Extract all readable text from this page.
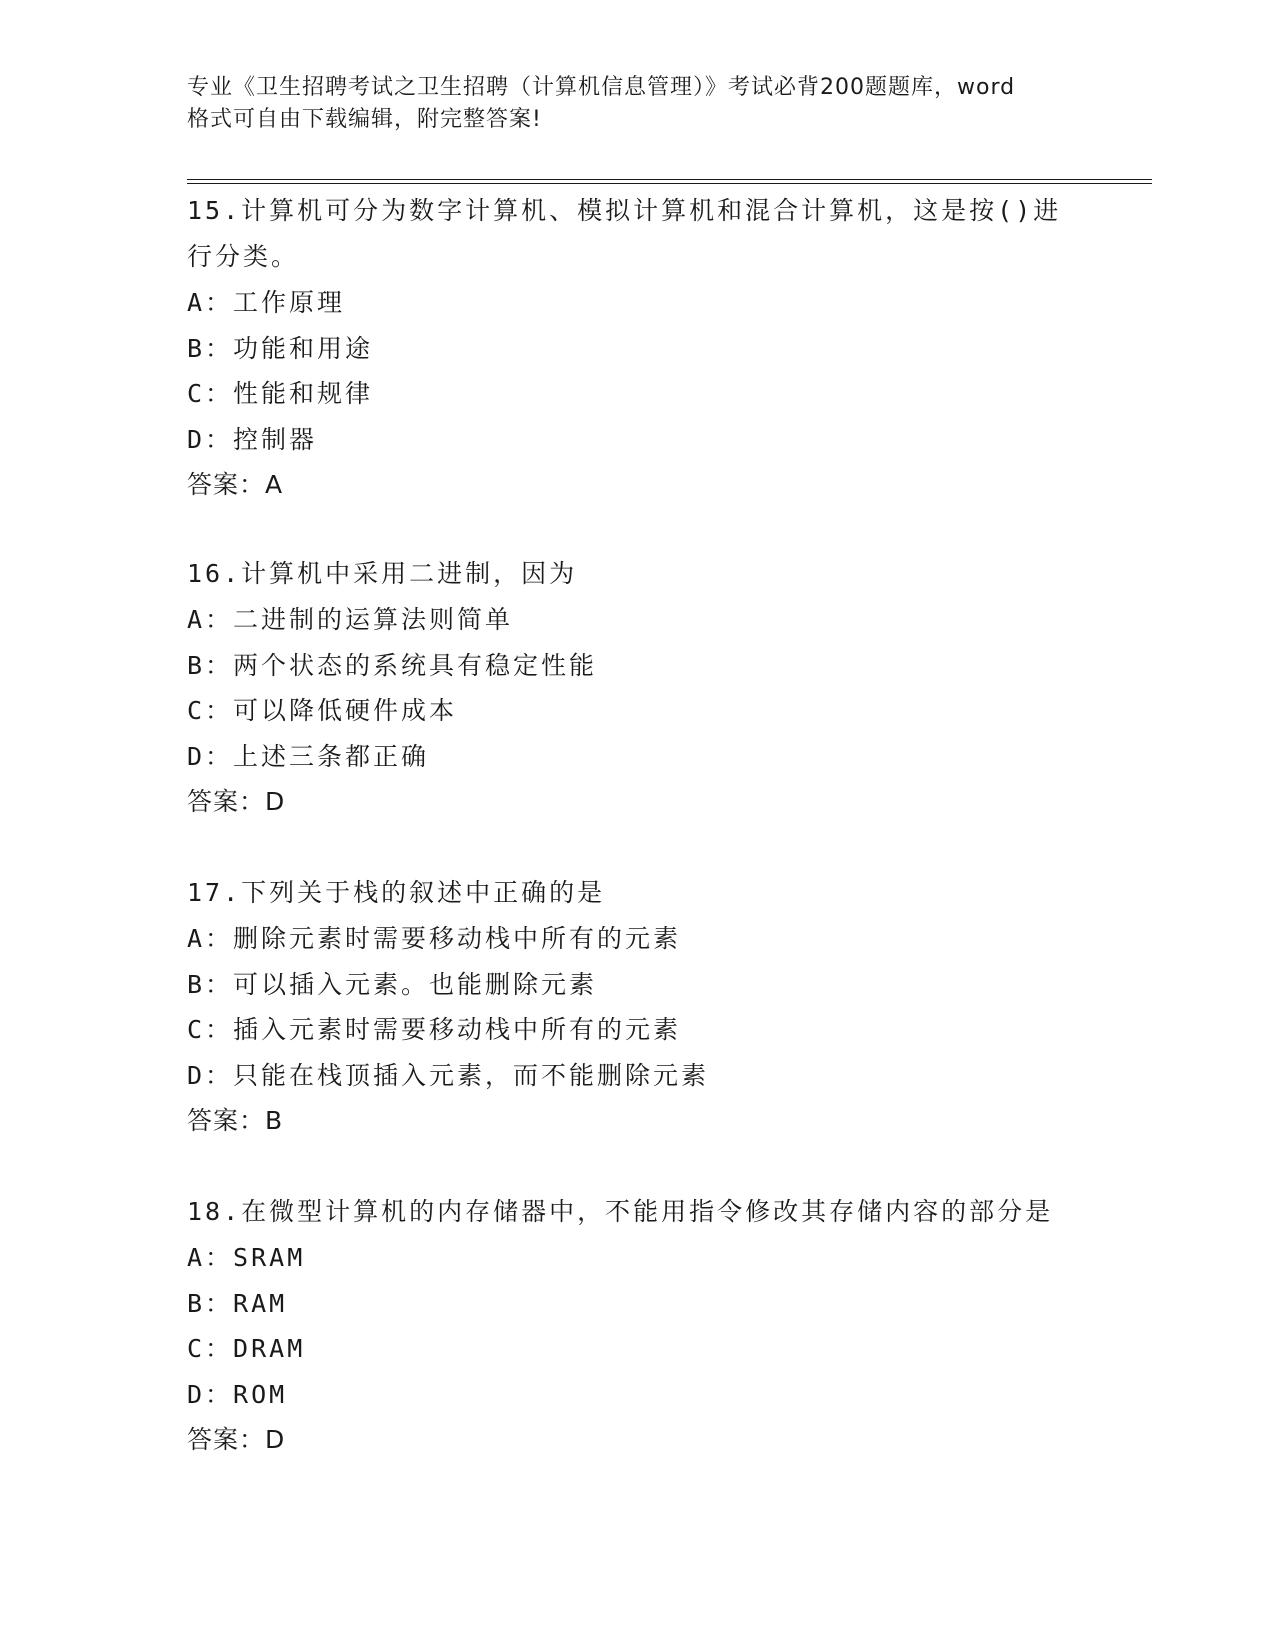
专业《卫生招聘考试之卫生招聘（计算机信息管理）》考试必背200题题库，word
格式可自由下载编辑，附完整答案!
15.计算机可分为数字计算机、模拟计算机和混合计算机，这是按()进
行分类。
A：工作原理
B：功能和用途
C：性能和规律
D：控制器
答案：A
16.计算机中采用二进制，因为
A：二进制的运算法则简单
B：两个状态的系统具有稳定性能
C：可以降低硬件成本
D：上述三条都正确
答案：D
17.下列关于栈的叙述中正确的是
A：删除元素时需要移动栈中所有的元素
B：可以插入元素。也能删除元素
C：插入元素时需要移动栈中所有的元素
D：只能在栈顶插入元素，而不能删除元素
答案：B
18.在微型计算机的内存储器中，不能用指令修改其存储内容的部分是
A：SRAM
B：RAM
C：DRAM
D：ROM
答案：D
